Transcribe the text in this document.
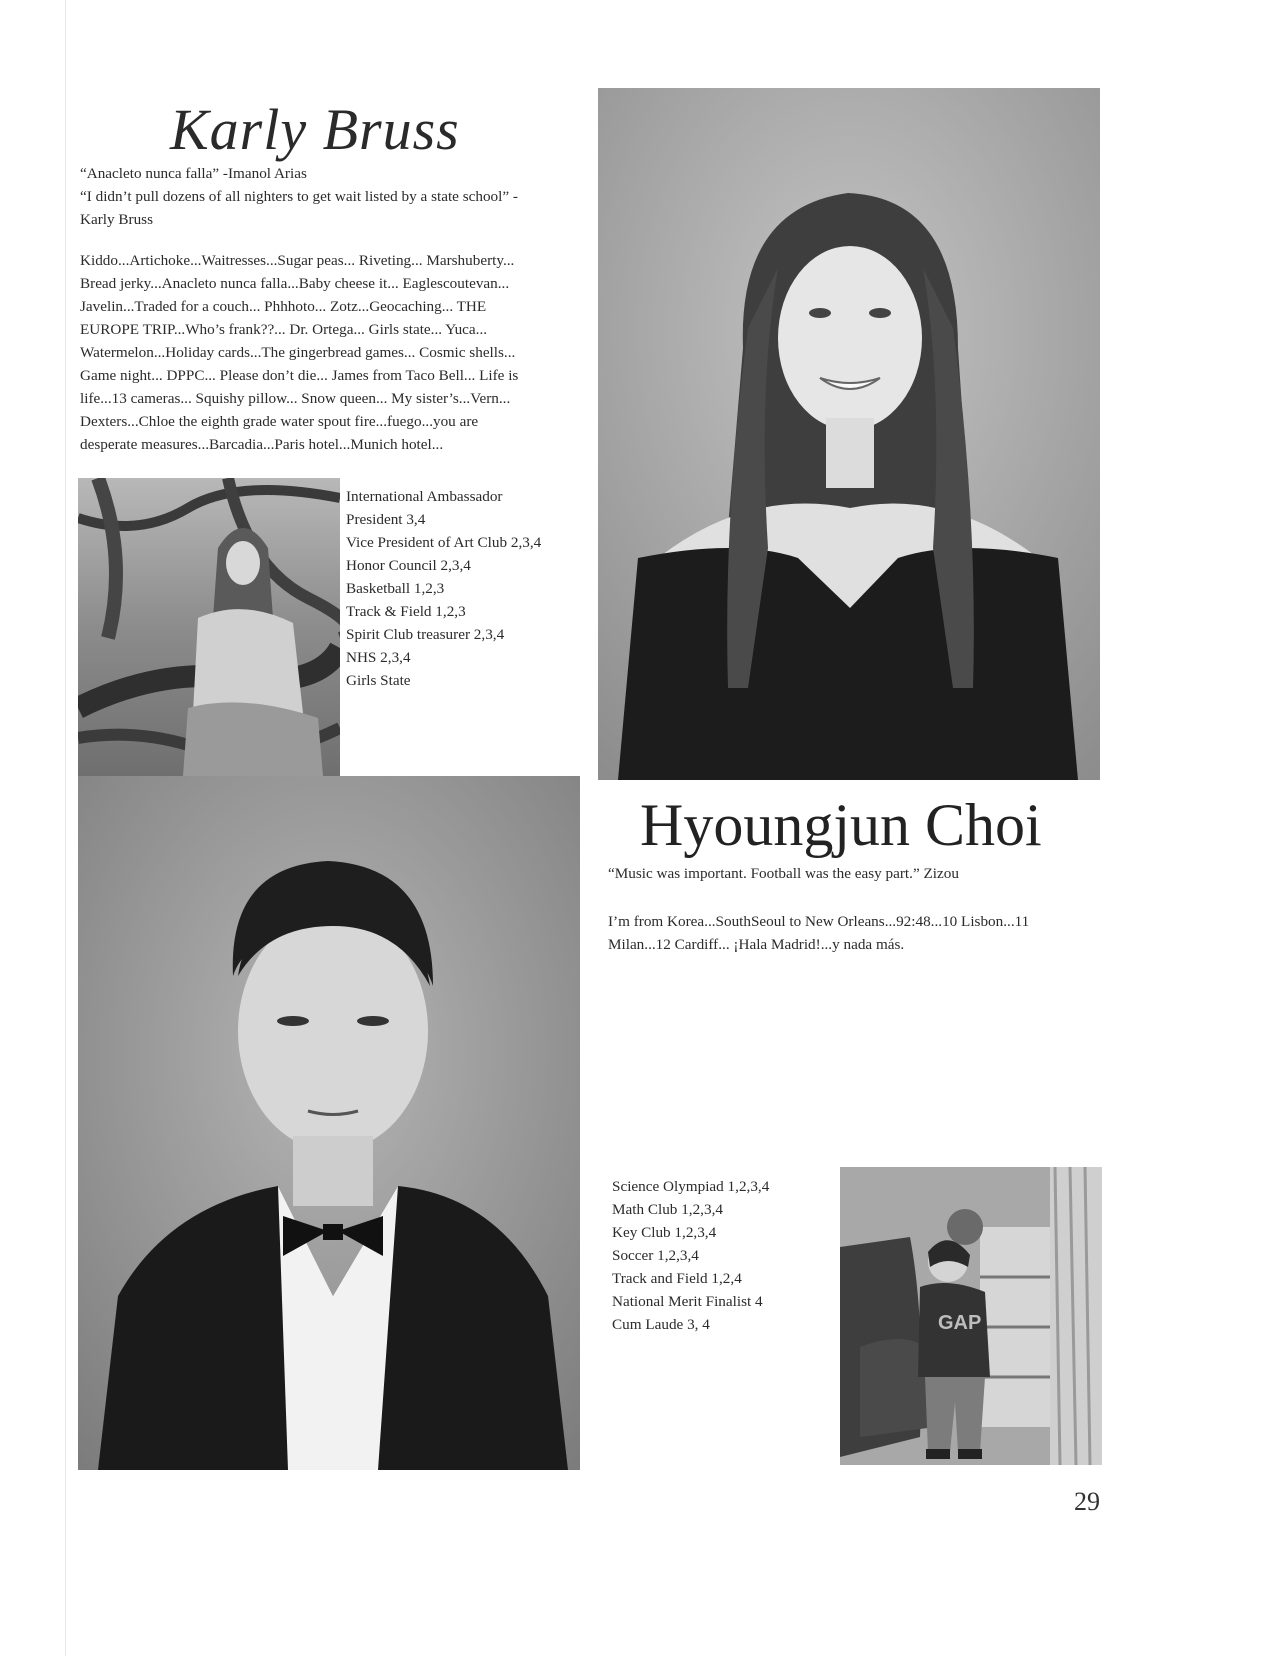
Karly Bruss
“Anacleto nunca falla” -Imanol Arias
“I didn’t pull dozens of all nighters to get wait listed by a state school” -
Karly Bruss
Kiddo...Artichoke...Waitresses...Sugar peas... Riveting... Marshuberty...
Bread jerky...Anacleto nunca falla...Baby cheese it... Eaglescoutevan...
Javelin...Traded for a couch... Phhhoto... Zotz...Geocaching... THE
EUROPE TRIP...Who’s frank??... Dr. Ortega... Girls state... Yuca...
Watermelon...Holiday cards...The gingerbread games... Cosmic shells...
Game night... DPPC... Please don’t die... James from Taco Bell... Life is
life...13 cameras... Squishy pillow... Snow queen... My sister’s...Vern...
Dexters...Chloe the eighth grade water spout fire...fuego...you are
desperate measures...Barcadia...Paris hotel...Munich hotel...
International Ambassador
President 3,4
Vice President of Art Club 2,3,4
Honor Council 2,3,4
Basketball 1,2,3
Track & Field 1,2,3
Spirit Club treasurer 2,3,4
NHS 2,3,4
Girls State
Hyoungjun Choi
“Music was important. Football was the easy part.” Zizou
I’m from Korea...SouthSeoul to New Orleans...92:48...10 Lisbon...11
Milan...12 Cardiff... ¡Hala Madrid!...y nada más.
Science Olympiad 1,2,3,4
Math Club 1,2,3,4
Key Club 1,2,3,4
Soccer 1,2,3,4
Track and Field 1,2,4
National Merit Finalist 4
Cum Laude 3, 4	GAP
29
